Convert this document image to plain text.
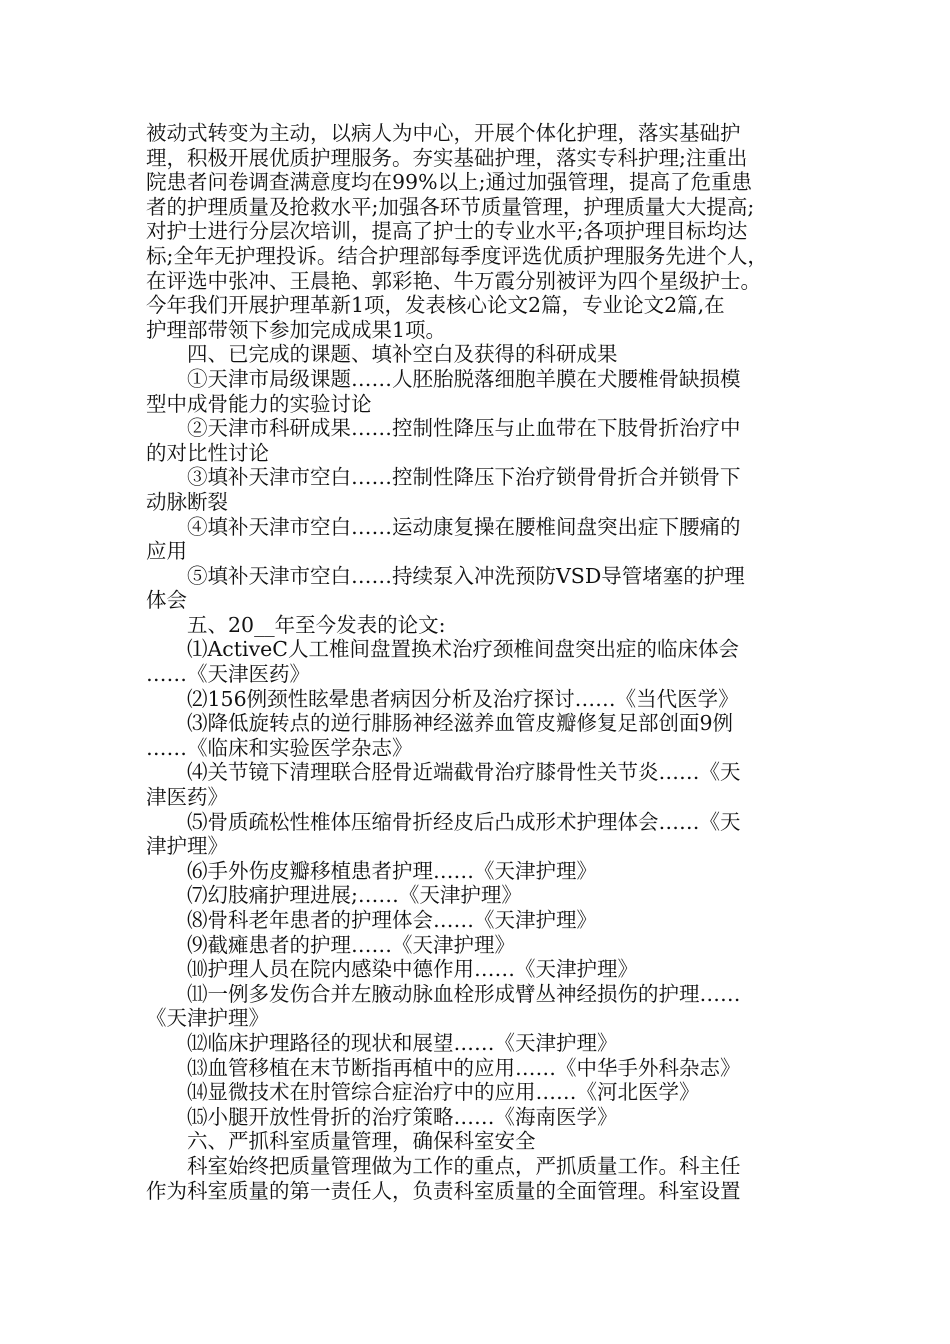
被动式转变为主动，以病人为中心，开展个体化护理，落实基础护
理，积极开展优质护理服务。夯实基础护理，落实专科护理;注重出
院患者问卷调查满意度均在99%以上;通过加强管理，提高了危重患
者的护理质量及抢救水平;加强各环节质量管理，护理质量大大提高;
对护士进行分层次培训，提高了护士的专业水平;各项护理目标均达
标;全年无护理投诉。结合护理部每季度评选优质护理服务先进个人，
在评选中张冲、王晨艳、郭彩艳、牛万霞分别被评为四个星级护士。
今年我们开展护理革新1项，发表核心论文2篇，专业论文2篇,在
护理部带领下参加完成成果1项。

四、已完成的课题、填补空白及获得的科研成果

①天津市局级课题……人胚胎脱落细胞羊膜在犬腰椎骨缺损模
型中成骨能力的实验讨论

②天津市科研成果……控制性降压与止血带在下肢骨折治疗中
的对比性讨论

③填补天津市空白……控制性降压下治疗锁骨骨折合并锁骨下
动脉断裂

④填补天津市空白……运动康复操在腰椎间盘突出症下腰痛的
应用

⑤填补天津市空白……持续泵入冲洗预防VSD导管堵塞的护理
体会

五、20__年至今发表的论文:

⑴ActiveC人工椎间盘置换术治疗颈椎间盘突出症的临床体会
……《天津医药》

⑵156例颈性眩晕患者病因分析及治疗探讨……《当代医学》

⑶降低旋转点的逆行腓肠神经滋养血管皮瓣修复足部创面9例
……《临床和实验医学杂志》

⑷关节镜下清理联合胫骨近端截骨治疗膝骨性关节炎……《天
津医药》

⑸骨质疏松性椎体压缩骨折经皮后凸成形术护理体会……《天
津护理》

⑹手外伤皮瓣移植患者护理……《天津护理》

⑺幻肢痛护理进展;……《天津护理》

⑻骨科老年患者的护理体会……《天津护理》

⑼截瘫患者的护理……《天津护理》

⑽护理人员在院内感染中德作用……《天津护理》

⑾一例多发伤合并左腋动脉血栓形成臂丛神经损伤的护理……
《天津护理》

⑿临床护理路径的现状和展望……《天津护理》

⒀血管移植在末节断指再植中的应用……《中华手外科杂志》

⒁显微技术在肘管综合症治疗中的应用……《河北医学》

⒂小腿开放性骨折的治疗策略……《海南医学》

六、严抓科室质量管理，确保科室安全

科室始终把质量管理做为工作的重点，严抓质量工作。科主任
作为科室质量的第一责任人，负责科室质量的全面管理。科室设置
